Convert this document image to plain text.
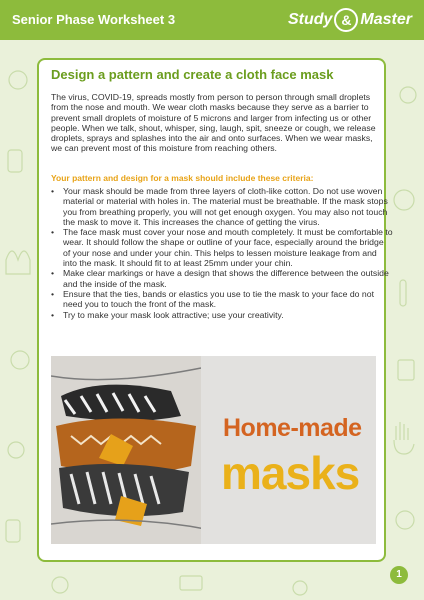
Senior Phase Worksheet 3	Study & Master
Design a pattern and create a cloth face mask

The virus, COVID-19, spreads mostly from person to person through small droplets from the nose and mouth. We wear cloth masks because they serve as a barrier to prevent small droplets of moisture of 5 microns and larger from infecting us or other people. When we talk, shout, whisper, sing, laugh, spit, sneeze or cough, we release droplets, sprays and splashes into the air and onto surfaces. When we wear masks, we can prevent most of this moisture from reaching others.

Your pattern and design for a mask should include these criteria:
• Your mask should be made from three layers of cloth-like cotton. Do not use woven material or material with holes in. The material must be breathable. If the mask stops you from breathing properly, you will not get enough oxygen. You may also not touch the mask to move it. This increases the chance of getting the virus.
• The face mask must cover your nose and mouth completely. It must be comfortable to wear. It should follow the shape or outline of your face, especially around the bridge of your nose and under your chin. This helps to lessen moisture leakage from and into the mask. It should fit to at least 25mm under your chin.
• Make clear markings or have a design that shows the difference between the outside and the inside of the mask.
• Ensure that the ties, bands or elastics you use to tie the mask to your face do not need you to touch the front of the mask.
• Try to make your mask look attractive; use your creativity.
Home-made
masks
1
